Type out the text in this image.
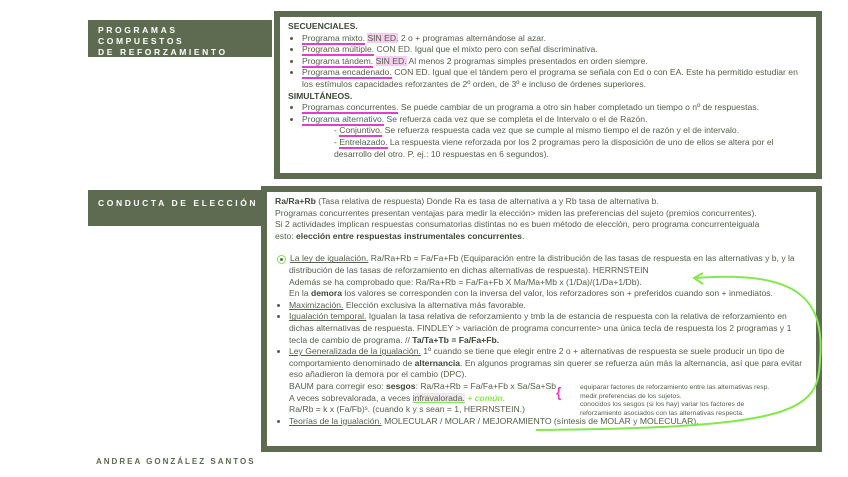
PROGRAMAS COMPUESTOS
DE REFORZAMIENTO

SECUENCIALES.

• Programa mixto. SIN ED. 2 o + programas alternándose al azar.
• Programa múltiple. CON ED. Igual que el mixto pero con señal discriminativa.
• Programa tándem. SIN ED. Al menos 2 programas simples presentados en orden siempre.
• Programa encadenado. CON ED. Igual que el tándem pero el programa se señala con Ed o con EA. Este ha permitido estudiar en los estímulos capacidades reforzantes de 2º orden, de 3º e incluso de órdenes superiores.

SIMULTÁNEOS.

• Programas concurrentes. Se puede cambiar de un programa a otro sin haber completado un tiempo o nº de respuestas.
• Programa alternativo. Se refuerza cada vez que se completa el de Intervalo o el de Razón.
- Conjuntivo. Se refuerza respuesta cada vez que se cumple al mismo tiempo el de razón y el de intervalo.
- Entrelazado. La respuesta viene reforzada por los 2 programas pero la disposición de uno de ellos se altera por el desarrollo del otro. P. ej.: 10 respuestas en 6 segundos).
CONDUCTA DE ELECCIÓN	Ra/Ra+Rb (Tasa relativa de respuesta) Donde Ra es tasa de alternativa a y Rb tasa de alternativa b.

Programas concurrentes presentan ventajas para medir la elección> miden las preferencias del sujeto (premios concurrentes).

Si 2 actividades implican respuestas consumatorias distintas no es buen método de elección, pero programa concurrenteiguala

esto: elección entre respuestas instrumentales concurrentes.

La ley de igualación. Ra/Ra+Rb = Fa/Fa+Fb (Equiparación entre la distribución de las tasas de respuesta en las alternativas y b, y la distribución de las tasas de reforzamiento en dichas alternativas de respuesta). HERRNSTEIN
Además se ha comprobado que: Ra/Ra+Rb = Fa/Fa+Fb X Ma/Ma+Mb x (1/Da)/(1/Da+1/Db).
En la demora los valores se corresponden con la inversa del valor, los reforzadores son + preferidos cuando son + inmediatos.
• Maximización. Elección exclusiva la alternativa más favorable.
• Igualación temporal. Igualan la tasa relativa de reforzamiento y tmb la de estancia de respuesta con la relativa de reforzamiento en dichas alternativas de respuesta. FINDLEY > variación de programa concurrente> una única tecla de respuesta los 2 programas y 1 tecla de cambio de programa. // Ta/Ta+Tb = Fa/Fa+Fb.
• Ley Generalizada de la igualación. 1º cuando se tiene que elegir entre 2 o + alternativas de respuesta se suele producir un tipo de comportamiento denominado de alternancia. En algunos programas sin querer se refuerza aún más la alternancia, así que para evitar eso añadieron la demora por el cambio (DPC).
BAUM para corregir eso: sesgos: Ra/Ra+Rb = Fa/Fa+Fb x Sa/Sa+Sb
A veces sobrevalorada, a veces infravalorada. + común.
Ra/Rb = k x (Fa/Fb)ˢ. (cuando k y s sean = 1, HERRNSTEIN.)
• Teorías de la igualación. MOLECULAR / MOLAR / MEJORAMIENTO (síntesis de MOLAR y MOLECULAR).
{	equiparar factores de reforzamiento entre las alternativas resp.
medir preferencias de los sujetos.
conocidos los sesgos (si los hay) variar los factores de
reforzamiento asociados con las alternativas respecta.
ANDREA GONZÁLEZ SANTOS
